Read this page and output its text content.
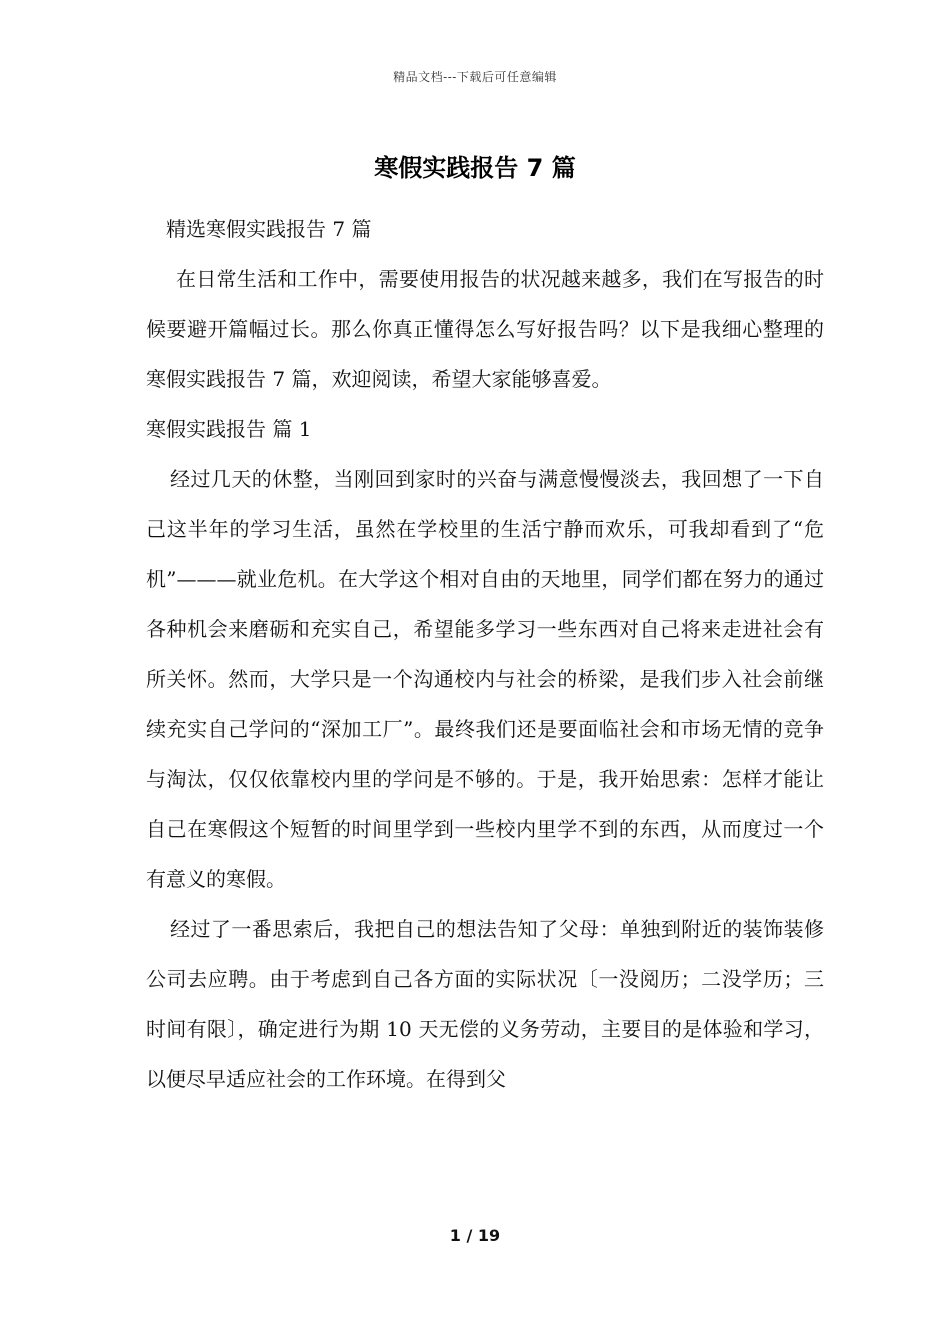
精品文档---下载后可任意编辑
寒假实践报告 7 篇

精选寒假实践报告 7 篇

在日常生活和工作中，需要使用报告的状况越来越多，我们在写报告的时候要避开篇幅过长。那么你真正懂得怎么写好报告吗？以下是我细心整理的寒假实践报告 7 篇，欢迎阅读，希望大家能够喜爱。

寒假实践报告 篇 1

经过几天的休整，当刚回到家时的兴奋与满意慢慢淡去，我回想了一下自己这半年的学习生活，虽然在学校里的生活宁静而欢乐，可我却看到了“危机”———就业危机。在大学这个相对自由的天地里，同学们都在努力的通过各种机会来磨砺和充实自己，希望能多学习一些东西对自己将来走进社会有所关怀。然而，大学只是一个沟通校内与社会的桥梁，是我们步入社会前继续充实自己学问的“深加工厂”。最终我们还是要面临社会和市场无情的竞争与淘汰，仅仅依靠校内里的学问是不够的。于是，我开始思索：怎样才能让自己在寒假这个短暂的时间里学到一些校内里学不到的东西，从而度过一个有意义的寒假。

经过了一番思索后，我把自己的想法告知了父母：单独到附近的装饰装修公司去应聘。由于考虑到自己各方面的实际状况〔一没阅历；二没学历；三时间有限〕，确定进行为期 10 天无偿的义务劳动，主要目的是体验和学习，以便尽早适应社会的工作环境。在得到父

1 / 19
